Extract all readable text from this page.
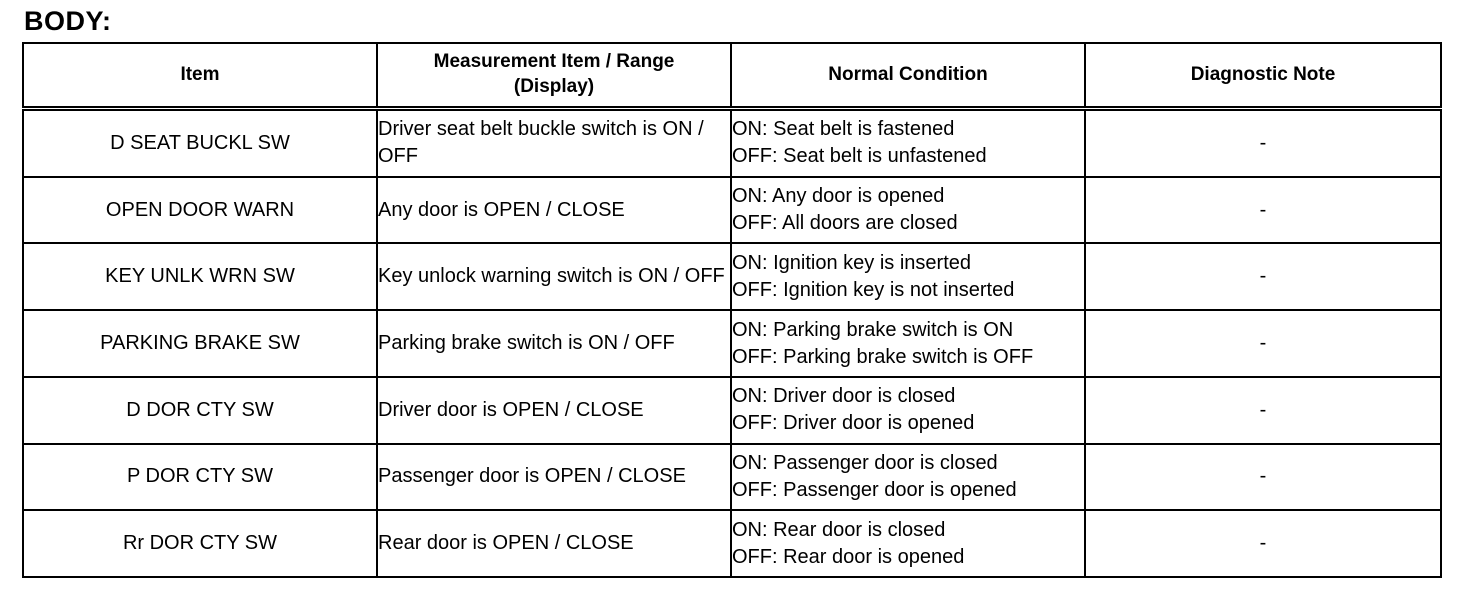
BODY:
Item	Measurement Item / Range (Display)	Normal Condition	Diagnostic Note
D SEAT BUCKL SW	Driver seat belt buckle switch is ON / OFF	ON: Seat belt is fastened
OFF: Seat belt is unfastened	-
OPEN DOOR WARN	Any door is OPEN / CLOSE	ON: Any door is opened
OFF: All doors are closed	-
KEY UNLK WRN SW	Key unlock warning switch is ON / OFF	ON: Ignition key is inserted
OFF: Ignition key is not inserted	-
PARKING BRAKE SW	Parking brake switch is ON / OFF	ON: Parking brake switch is ON
OFF: Parking brake switch is OFF	-
D DOR CTY SW	Driver door is OPEN / CLOSE	ON: Driver door is closed
OFF: Driver door is opened	-
P DOR CTY SW	Passenger door is OPEN / CLOSE	ON: Passenger door is closed
OFF: Passenger door is opened	-
Rr DOR CTY SW	Rear door is OPEN / CLOSE	ON: Rear door is closed
OFF: Rear door is opened	-
